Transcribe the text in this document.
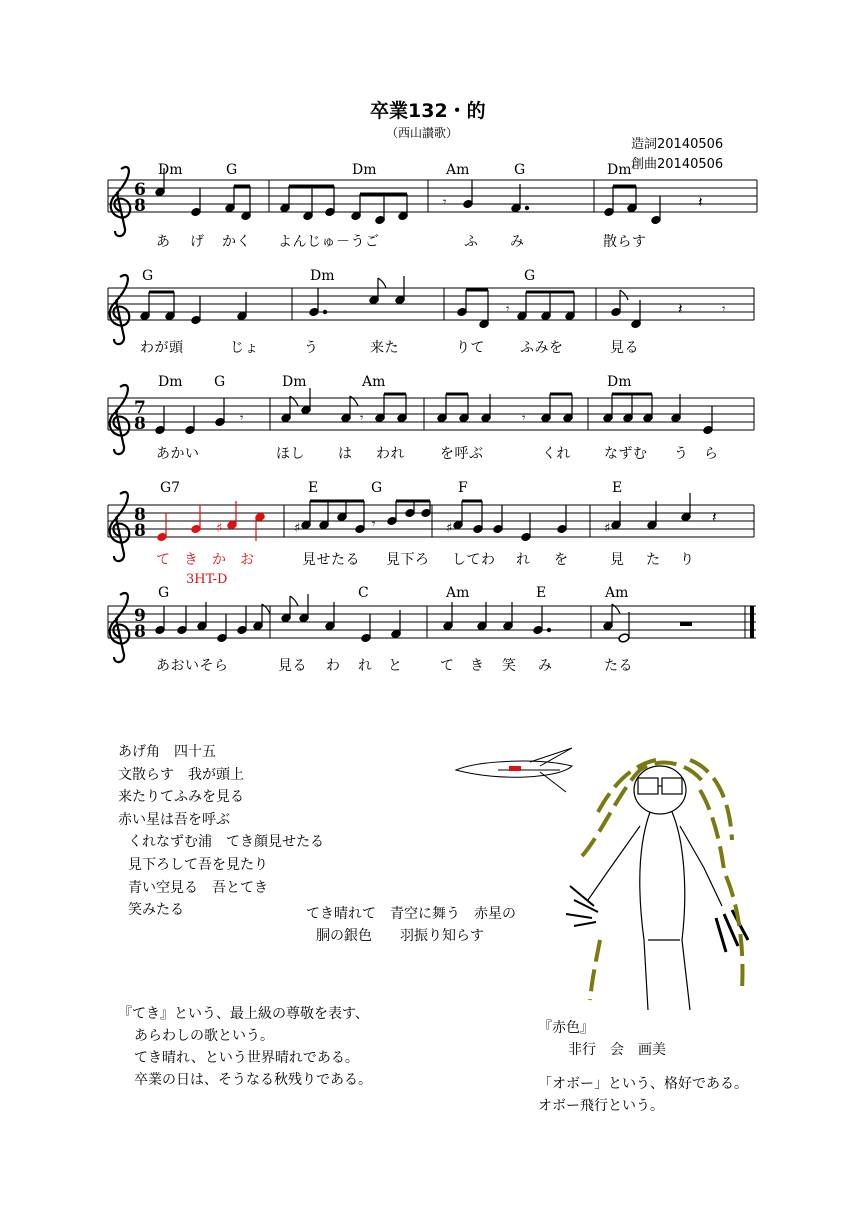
卒業132・的
（西山讃歌）
造詞20140506
創曲20140506
6
8	𝄾	𝄽
𝄾	𝄽	𝄾
7
8	𝄾	𝄾	𝄾
8
8	♯	♯	𝄾	♯	♯
𝄽
9
8
Dm	G	Dm	Am	G	Dm
G	Dm	G
Dm G	Dm	Am	Dm
G7	E	G	F	E
G	C	Am	E	Am
あ げ かく よんじゅ－うご	ふ み	散らす
わが頭	じょ	う	来た	りて	ふみを	見る
あかい	ほし は われ	を呼ぶ	くれ なずむ う ら
てきかお 見せたる 見下ろ してわ れ を	見 た り
3HT-D
あおいそら	見る わ れ と	て き 笑 み	たる
あげ角　四十五
文散らす　我が頭上
来たりてふみを見る
赤い星は吾を呼ぶ
くれなずむ浦　てき顔見せたる
見下ろして吾を見たり
青い空見る　吾とてき
笑みたる	てき晴れて　青空に舞う　赤星の
胴の銀色　　羽振り知らす
『てき』という、最上級の尊敬を表す、
あらわしの歌という。
てき晴れ、という世界晴れである。
卒業の日は、そうなる秋残りである。
『赤色』
非行　会　画美
「オボー」という、格好である。
オボー飛行という。
